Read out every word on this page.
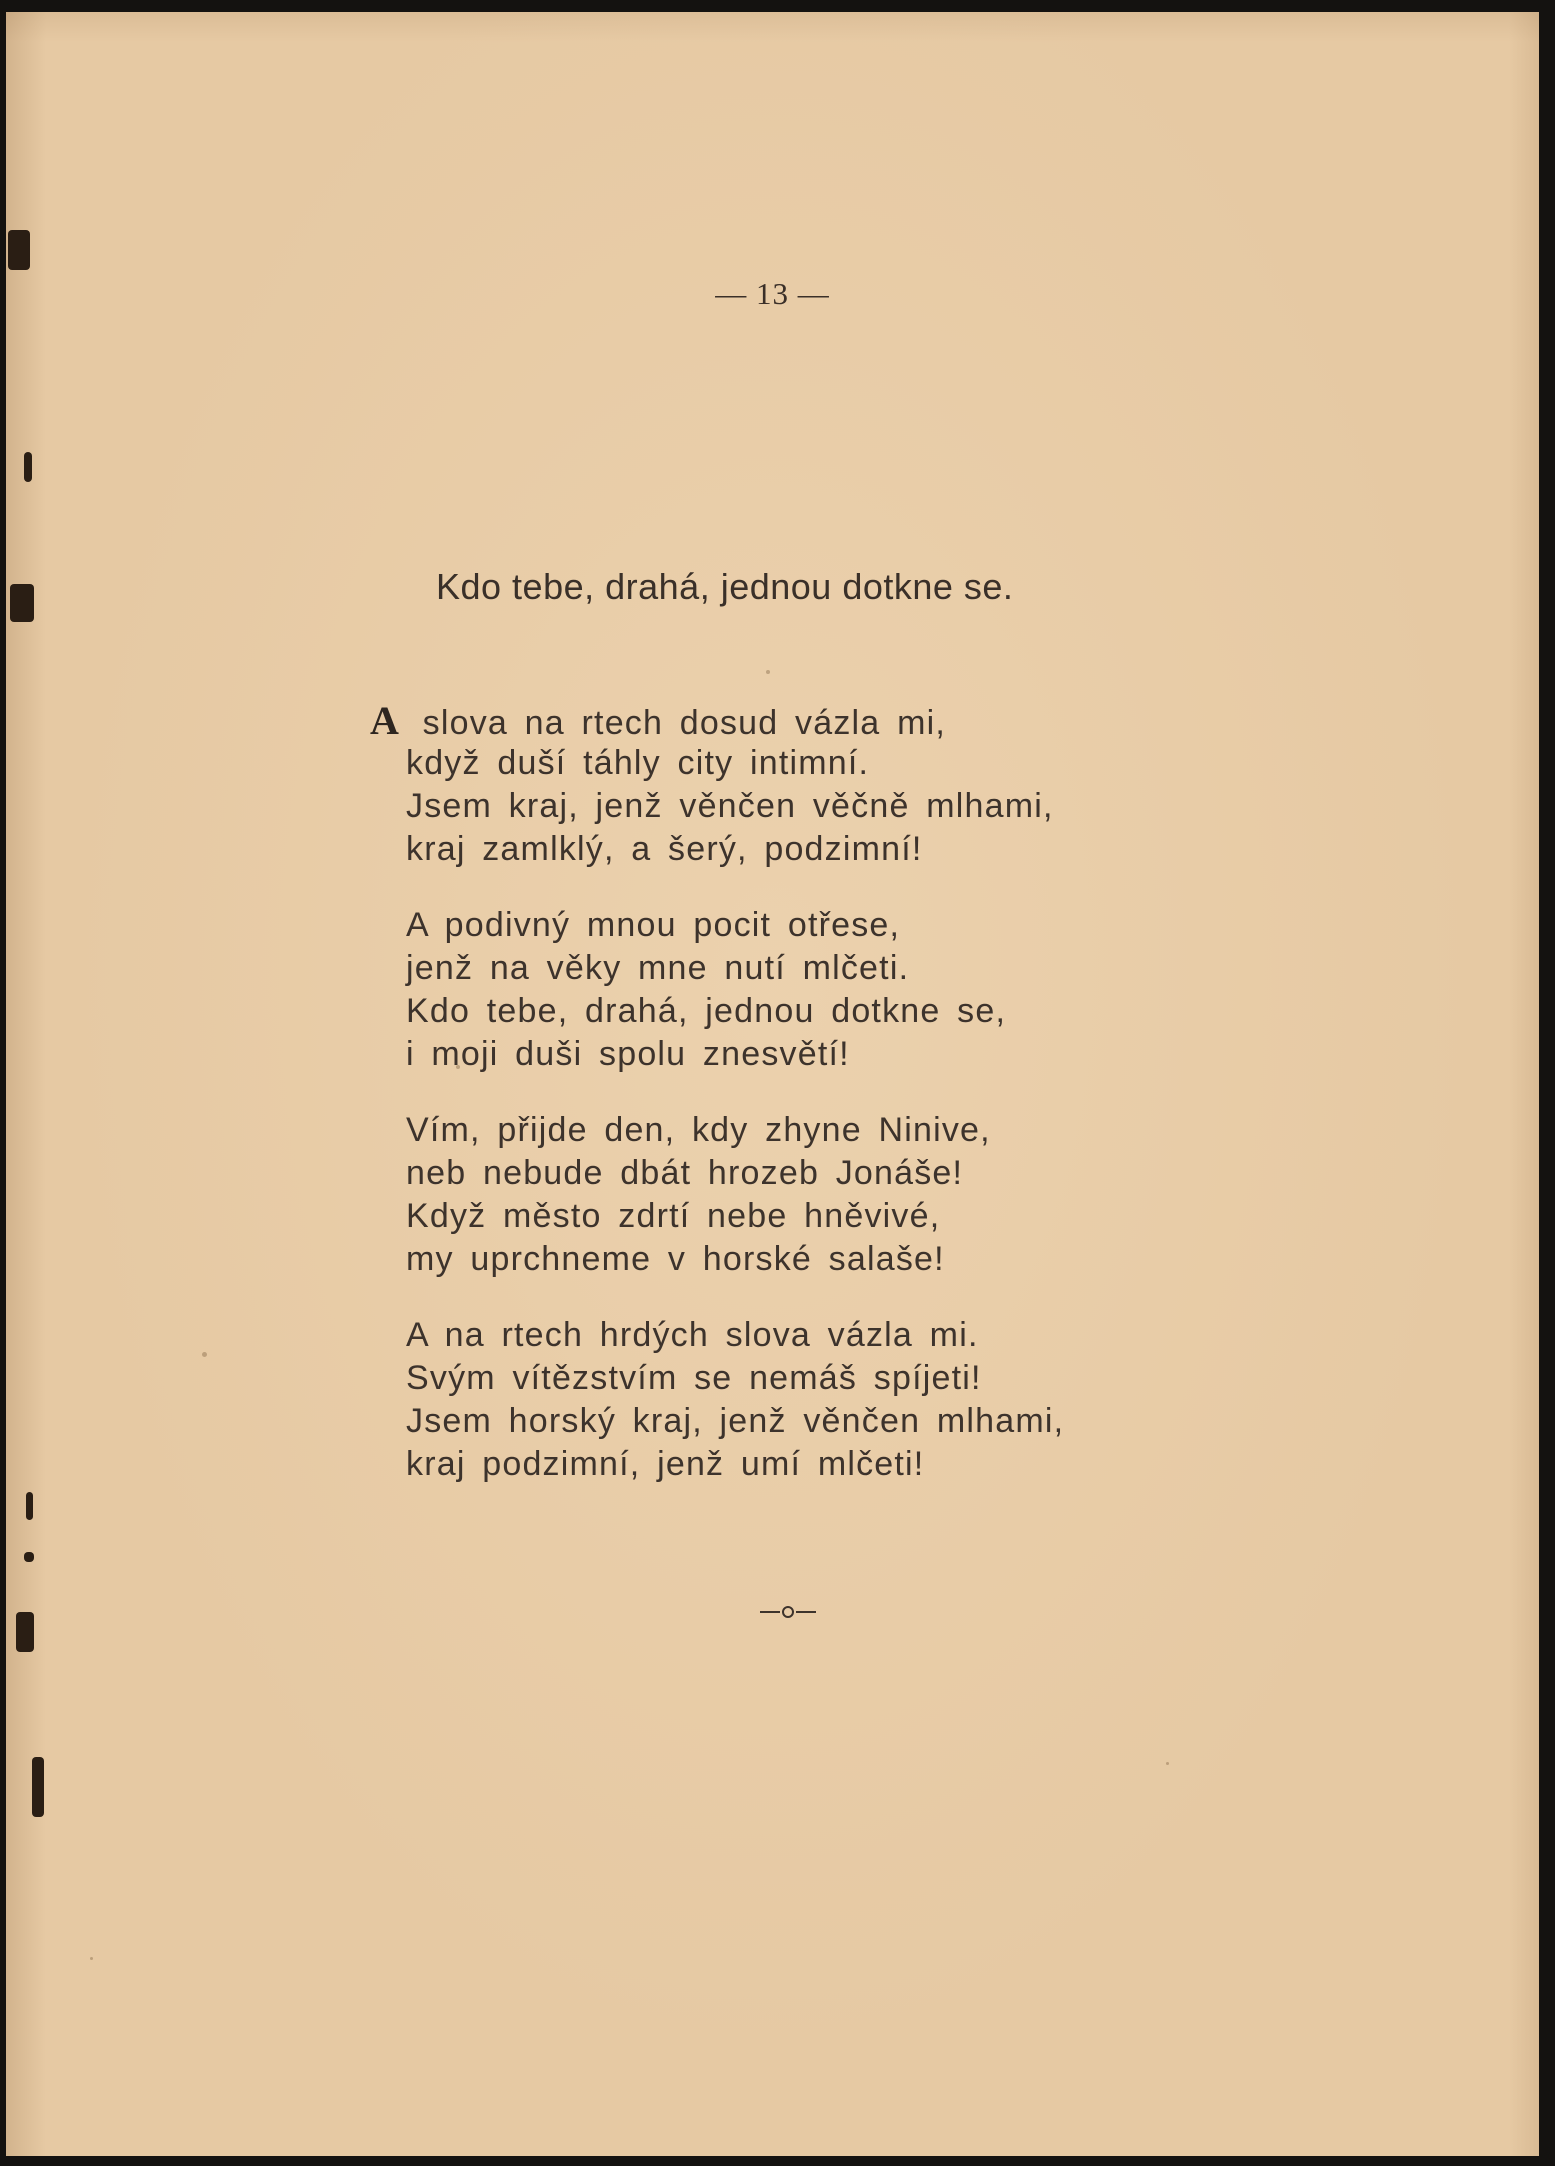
— 13 —
Kdo tebe, drahá, jednou dotkne se.
A slova na rtech dosud vázla mi,
když duší táhly city intimní.
Jsem kraj, jenž věnčen věčně mlhami,
kraj zamlklý, a šerý, podzimní!
A podivný mnou pocit otřese,
jenž na věky mne nutí mlčeti.
Kdo tebe, drahá, jednou dotkne se,
i moji duši spolu znesvětí!
Vím, přijde den, kdy zhyne Ninive,
neb nebude dbát hrozeb Jonáše!
Když město zdrtí nebe hněvivé,
my uprchneme v horské salaše!
A na rtech hrdých slova vázla mi.
Svým vítězstvím se nemáš spíjeti!
Jsem horský kraj, jenž věnčen mlhami,
kraj podzimní, jenž umí mlčeti!
